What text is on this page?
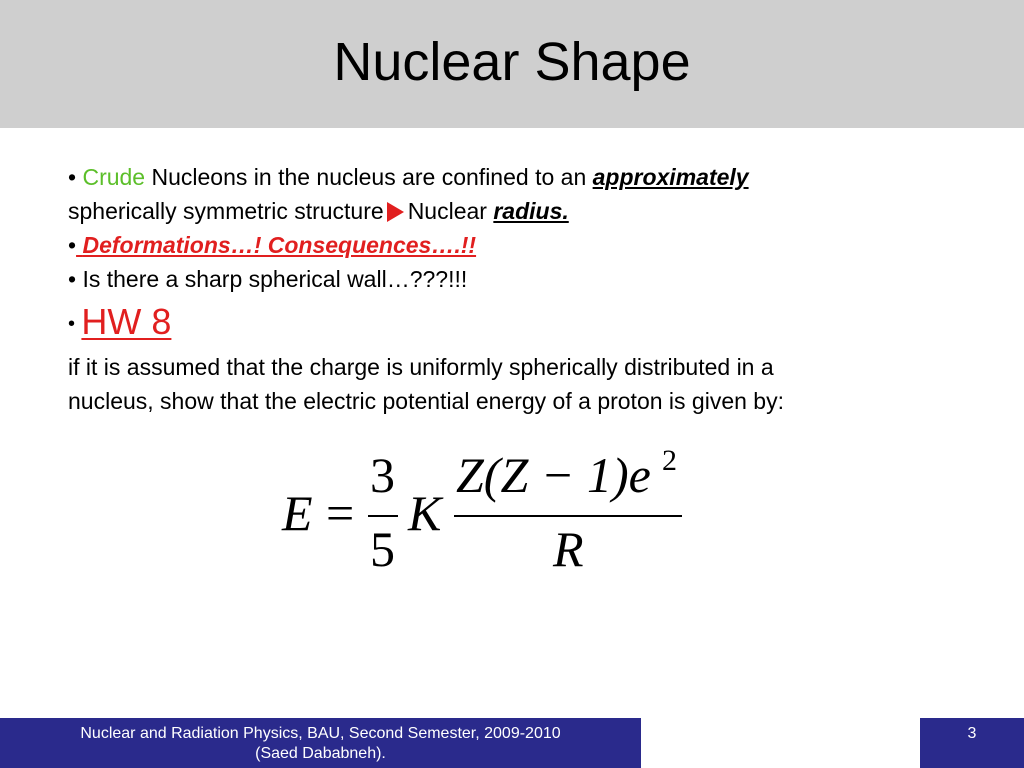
Nuclear Shape
• Crude Nucleons in the nucleus are confined to an approximately
spherically symmetric structure Nuclear radius.
• Deformations…! Consequences….!!
• Is there a sharp spherical wall…???!!!
• HW 8
if it is assumed that the charge is uniformly spherically distributed in a
nucleus, show that the electric potential energy of a proton is given by:
E =
3
5
K
Z(Z − 1)e 2
R
Nuclear and Radiation Physics, BAU, Second Semester, 2009-2010
(Saed Dababneh).
3
